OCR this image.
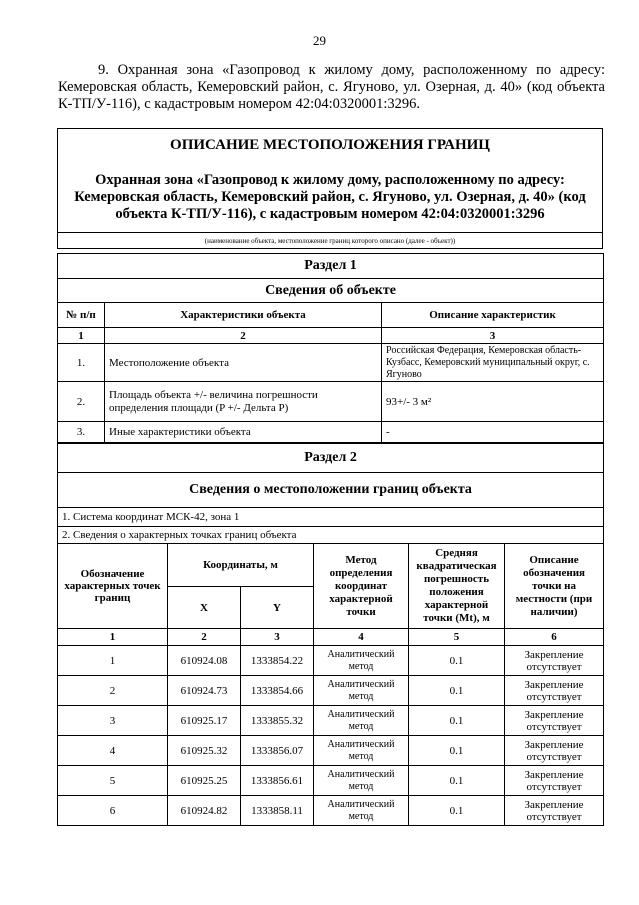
29
9. Охранная зона «Газопровод к жилому дому, расположенному по адресу: Кемеровская область, Кемеровский район, с. Ягуново, ул. Озерная, д. 40» (код объекта К-ТП/У-116), с кадастровым номером 42:04:0320001:3296.
ОПИСАНИЕ МЕСТОПОЛОЖЕНИЯ ГРАНИЦ
Охранная зона «Газопровод к жилому дому, расположенному по адресу: Кемеровская область, Кемеровский район, с. Ягуново, ул. Озерная, д. 40» (код объекта К-ТП/У-116), с кадастровым номером 42:04:0320001:3296
(наименование объекта, местоположение границ которого описано (далее - объект))
Раздел 1		
Сведения об объекте		
№ п/п	Характеристики объекта	Описание характеристик
1	2	3
1.	Местоположение объекта	Российская Федерация, Кемеровская область-Кузбасс, Кемеровский муниципальный округ, с. Ягуново
2.	Площадь объекта +/- величина погрешности определения площади (P +/- Дельта P)	93+/- 3 м²
3.	Иные характеристики объекта	-
Раздел 2					
Сведения о местоположении границ объекта					
1. Система координат МСК-42, зона 1					
2. Сведения о характерных точках границ объекта					
Обозначение характерных точек границ	Координаты, м		Метод определения координат характерной точки	Средняя квадратическая погрешность положения характерной точки (Mt), м	Описание обозначения точки на местности (при наличии)
	X	Y			
1	2	3	4	5	6
1	610924.08	1333854.22	Аналитический метод	0.1	Закрепление отсутствует
2	610924.73	1333854.66	Аналитический метод	0.1	Закрепление отсутствует
3	610925.17	1333855.32	Аналитический метод	0.1	Закрепление отсутствует
4	610925.32	1333856.07	Аналитический метод	0.1	Закрепление отсутствует
5	610925.25	1333856.61	Аналитический метод	0.1	Закрепление отсутствует
6	610924.82	1333858.11	Аналитический метод	0.1	Закрепление отсутствует
